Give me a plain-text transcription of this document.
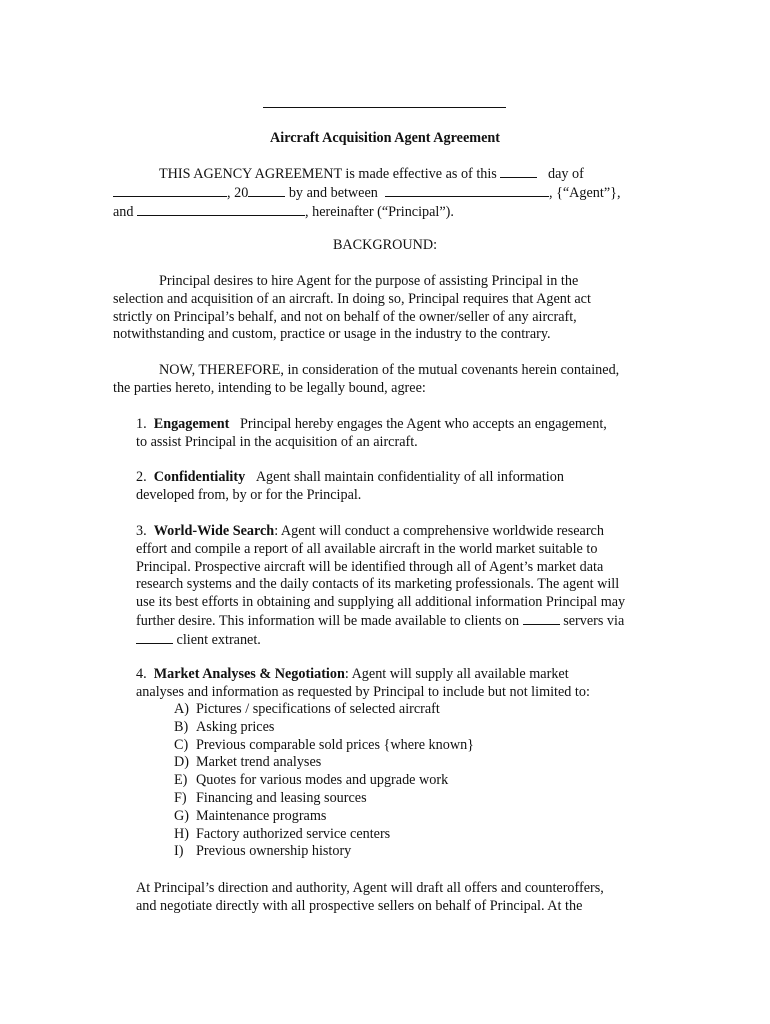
Aircraft Acquisition Agent Agreement
THIS AGENCY AGREEMENT is made effective as of this	day of
, 20	by and between	, {“Agent”},
and	, hereinafter (“Principal”).
BACKGROUND:
Principal desires to hire Agent for the purpose of assisting Principal in the
selection and acquisition of an aircraft. In doing so, Principal requires that Agent act
strictly on Principal’s behalf, and not on behalf of the owner/seller of any aircraft,
notwithstanding and custom, practice or usage in the industry to the contrary.
NOW, THEREFORE, in consideration of the mutual covenants herein contained,
the parties hereto, intending to be legally bound, agree:
1. Engagement Principal hereby engages the Agent who accepts an engagement,
to assist Principal in the acquisition of an aircraft.
2. Confidentiality Agent shall maintain confidentiality of all information
developed from, by or for the Principal.
3. World-Wide Search: Agent will conduct a comprehensive worldwide research
effort and compile a report of all available aircraft in the world market suitable to
Principal. Prospective aircraft will be identified through all of Agent’s market data
research systems and the daily contacts of its marketing professionals. The agent will
use its best efforts in obtaining and supplying all additional information Principal may
further desire. This information will be made available to clients on	servers via
client extranet.
4. Market Analyses & Negotiation: Agent will supply all available market
analyses and information as requested by Principal to include but not limited to:
A) Pictures / specifications of selected aircraft
B) Asking prices
C) Previous comparable sold prices {where known}
D) Market trend analyses
E) Quotes for various modes and upgrade work
F) Financing and leasing sources
G) Maintenance programs
H) Factory authorized service centers
I) Previous ownership history
At Principal’s direction and authority, Agent will draft all offers and counteroffers,
and negotiate directly with all prospective sellers on behalf of Principal. At the
